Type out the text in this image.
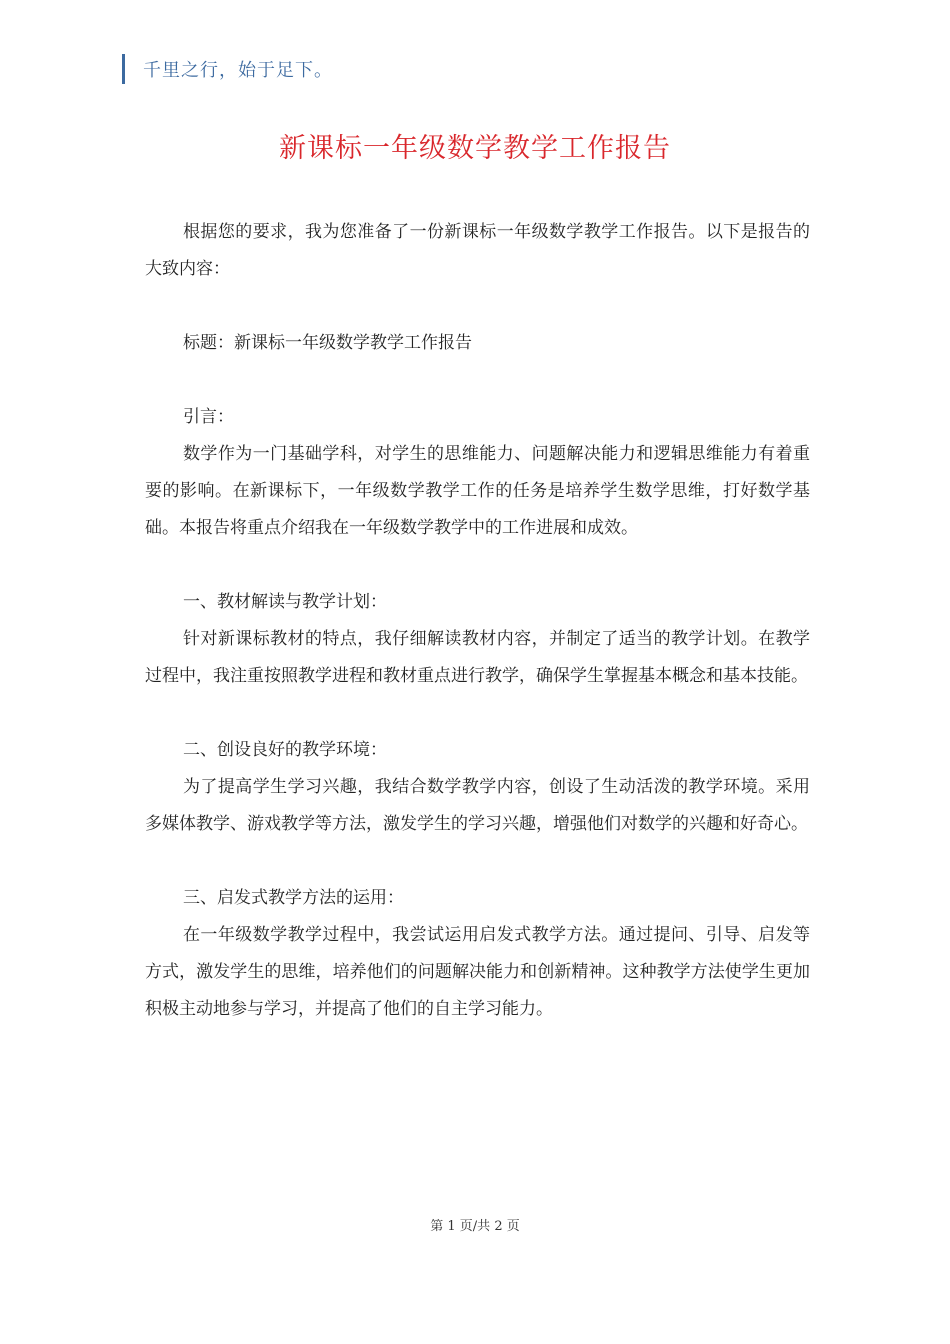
千里之行，始于足下。
新课标一年级数学教学工作报告

根据您的要求，我为您准备了一份新课标一年级数学教学工作报告。以下是报告的大致内容：

标题：新课标一年级数学教学工作报告

引言：

数学作为一门基础学科，对学生的思维能力、问题解决能力和逻辑思维能力有着重要的影响。在新课标下，一年级数学教学工作的任务是培养学生数学思维，打好数学基础。本报告将重点介绍我在一年级数学教学中的工作进展和成效。

一、教材解读与教学计划：

针对新课标教材的特点，我仔细解读教材内容，并制定了适当的教学计划。在教学过程中，我注重按照教学进程和教材重点进行教学，确保学生掌握基本概念和基本技能。

二、创设良好的教学环境：

为了提高学生学习兴趣，我结合数学教学内容，创设了生动活泼的教学环境。采用多媒体教学、游戏教学等方法，激发学生的学习兴趣，增强他们对数学的兴趣和好奇心。

三、启发式教学方法的运用：

在一年级数学教学过程中，我尝试运用启发式教学方法。通过提问、引导、启发等方式，激发学生的思维，培养他们的问题解决能力和创新精神。这种教学方法使学生更加积极主动地参与学习，并提高了他们的自主学习能力。

第 1 页/共 2 页
